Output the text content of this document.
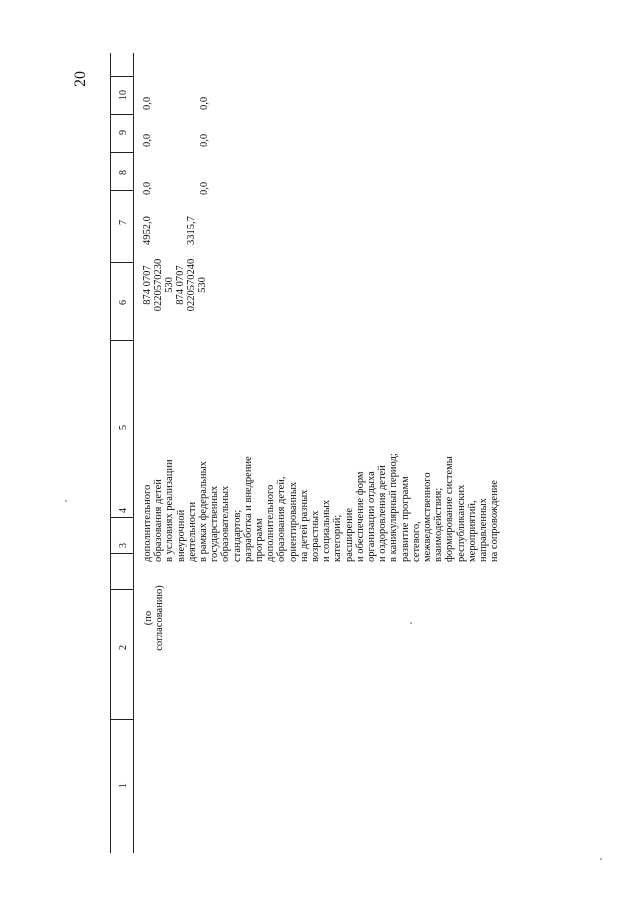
20
1
2
3
4
5
6
7
8
9
10
(по согласованию)
дополнительного образования детей в условиях реализации внеурочной деятельности в рамках федеральных государственных образовательных стандартов; разработка и внедрение программ дополнительного образования детей, ориентированных на детей разных возрастных и социальных категорий; расширение и обеспечение форм организации отдыха и оздоровления детей в каникулярный период; развитие программ сетевого, межведомственного взаимодействия; формирование системы республиканских мероприятий, направленных на сопровождение
874 0707 0220570230 530
4952,0
0,0
0,0
0,0
874 0707 0220570240 530
3315,7
0,0
0,0
0,0
